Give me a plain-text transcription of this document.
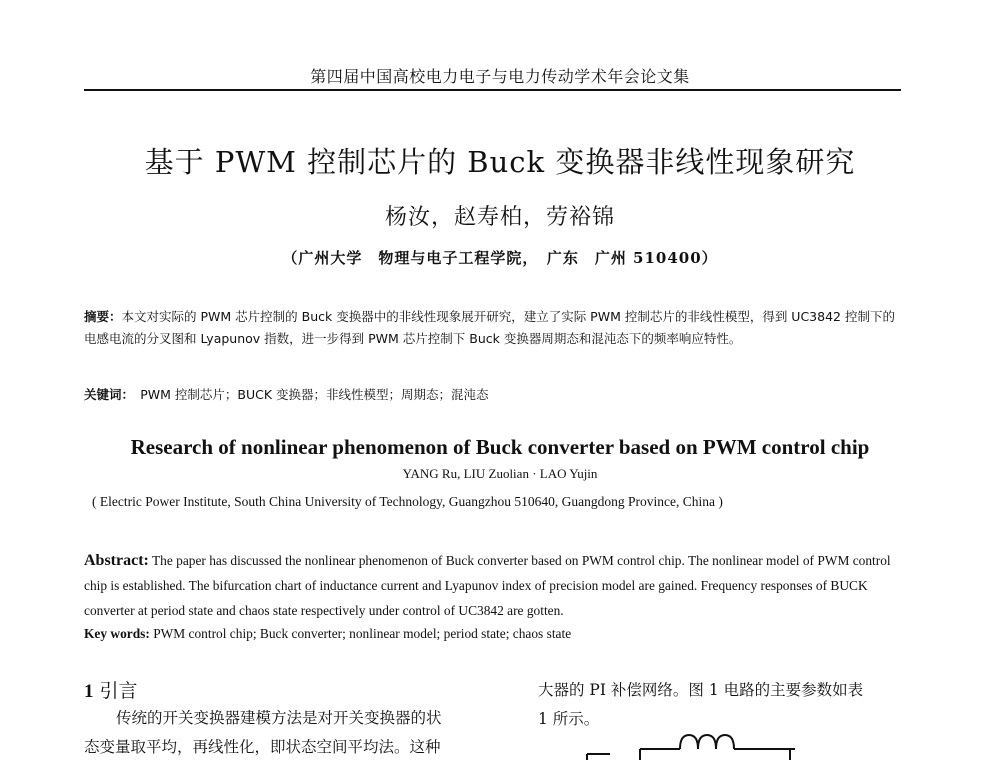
第四届中国高校电力电子与电力传动学术年会论文集
基于 PWM 控制芯片的 Buck 变换器非线性现象研究
杨汝，赵寿柏，劳裕锦
（广州大学　物理与电子工程学院，　广东　广州 510400）
摘要：本文对实际的 PWM 芯片控制的 Buck 变换器中的非线性现象展开研究，建立了实际 PWM 控制芯片的非线性模型，得到 UC3842 控制下的电感电流的分叉图和 Lyapunov 指数，进一步得到 PWM 芯片控制下 Buck 变换器周期态和混沌态下的频率响应特性。
关键词：　PWM 控制芯片；BUCK 变换器；非线性模型；周期态；混沌态
Research of nonlinear phenomenon of Buck converter based on PWM control chip
YANG Ru, LIU Zuolian · LAO Yujin
( Electric Power Institute, South China University of Technology, Guangzhou 510640, Guangdong Province, China )
Abstract: The paper has discussed the nonlinear phenomenon of Buck converter based on PWM control chip. The nonlinear model of PWM control chip is established. The bifurcation chart of inductance current and Lyapunov index of precision model are gained. Frequency responses of BUCK converter at period state and chaos state respectively under control of UC3842 are gotten.
Key words: PWM control chip; Buck converter; nonlinear model; period state; chaos state
1 引言
传统的开关变换器建模方法是对开关变换器的状
态变量取平均，再线性化，即状态空间平均法。这种
大器的 PI 补偿网络。图 1 电路的主要参数如表
1 所示。
